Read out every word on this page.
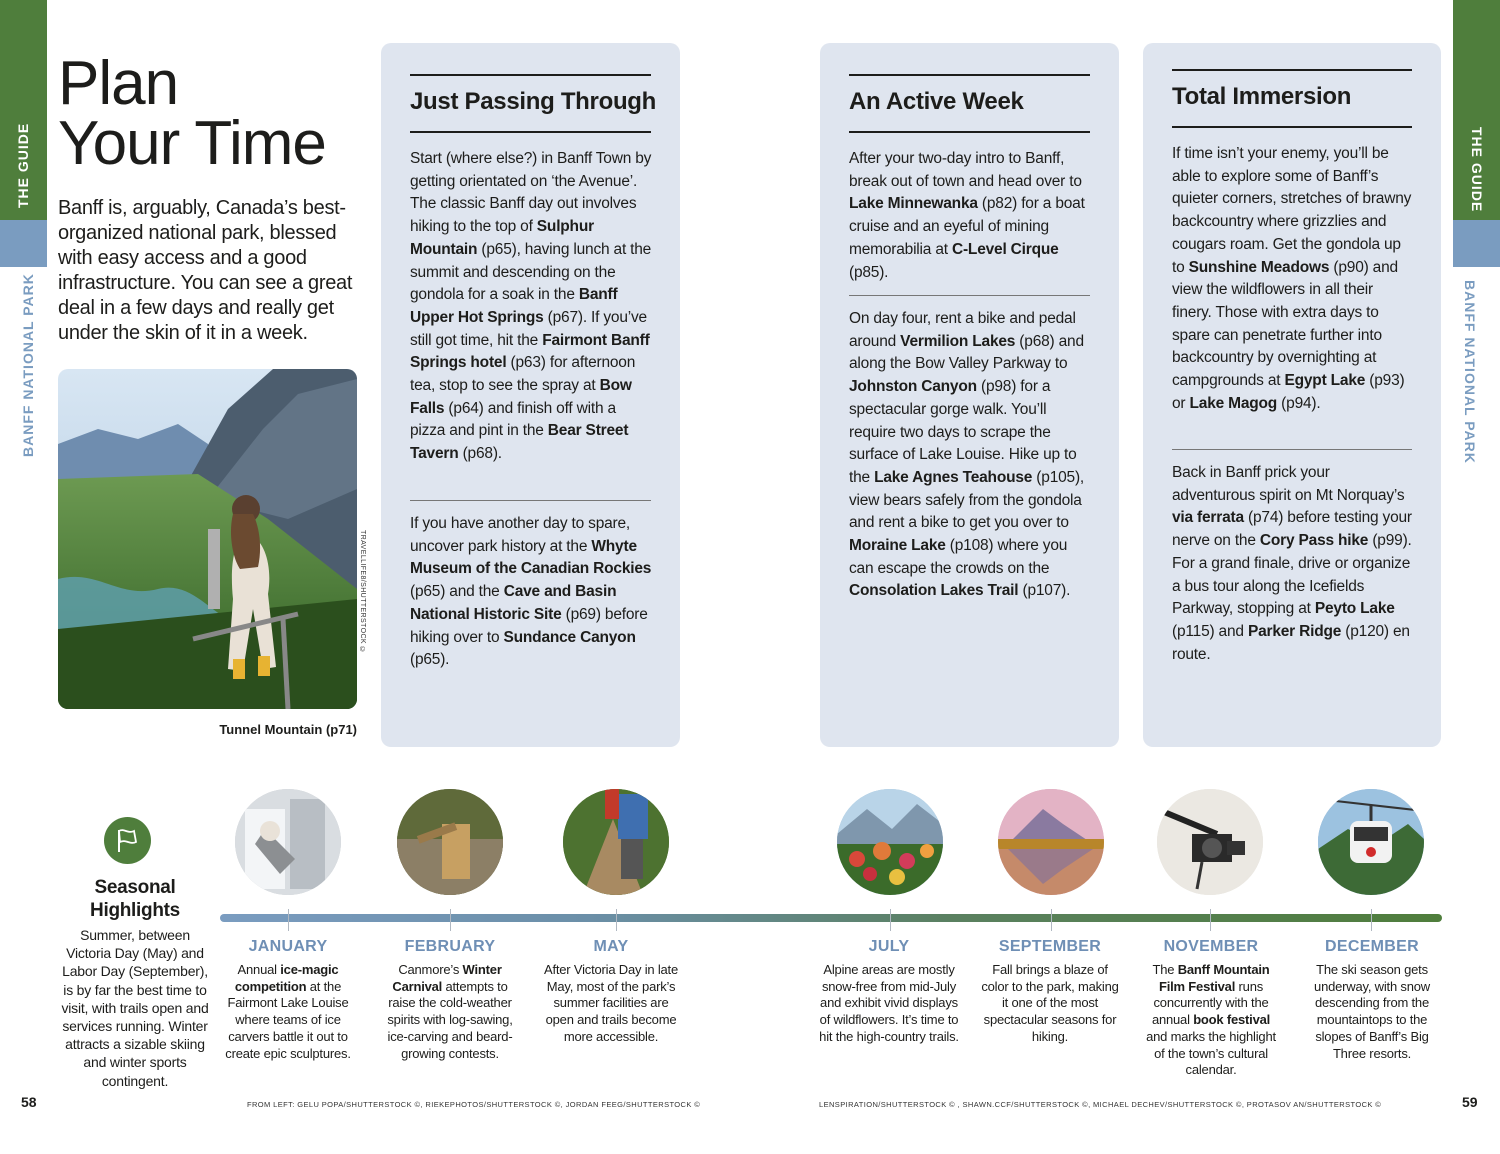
THE GUIDE
BANFF NATIONAL PARK
THE GUIDE
BANFF NATIONAL PARK
58	59
Plan
Your Time
Banff is, arguably, Canada’s best-organized national park, blessed with easy access and a good infrastructure. You can see a great deal in a few days and really get under the skin of it in a week.
TRAVELLIFE8/SHUTTERSTOCK ©
Tunnel Mountain (p71)
Just Passing Through

Start (where else?) in Banff Town by getting orientated on ‘the Avenue’. The classic Banff day out involves hiking to the top of Sulphur Mountain (p65), having lunch at the summit and descending on the gondola for a soak in the Banff Upper Hot Springs (p67). If you’ve still got time, hit the Fairmont Banff Springs hotel (p63) for afternoon tea, stop to see the spray at Bow Falls (p64) and finish off with a pizza and pint in the Bear Street Tavern (p68).

If you have another day to spare, uncover park history at the Whyte Museum of the Canadian Rockies (p65) and the Cave and Basin National Historic Site (p69) before hiking over to Sundance Canyon (p65).

An Active Week

After your two-day intro to Banff, break out of town and head over to Lake Minnewanka (p82) for a boat cruise and an eyeful of mining memorabilia at C-Level Cirque (p85).

On day four, rent a bike and pedal around Vermilion Lakes (p68) and along the Bow Valley Parkway to Johnston Canyon (p98) for a spectacular gorge walk. You’ll require two days to scrape the surface of Lake Louise. Hike up to the Lake Agnes Teahouse (p105), view bears safely from the gondola and rent a bike to get you over to Moraine Lake (p108) where you can escape the crowds on the Consolation Lakes Trail (p107).

Total Immersion

If time isn’t your enemy, you’ll be able to explore some of Banff’s quieter corners, stretches of brawny backcountry where grizzlies and cougars roam. Get the gondola up to Sunshine Meadows (p90) and view the wildflowers in all their finery. Those with extra days to spare can penetrate further into backcountry by overnighting at campgrounds at Egypt Lake (p93) or Lake Magog (p94).

Back in Banff prick your adventurous spirit on Mt Norquay’s via ferrata (p74) before testing your nerve on the Cory Pass hike (p99). For a grand finale, drive or organize a bus tour along the Icefields Parkway, stopping at Peyto Lake (p115) and Parker Ridge (p120) en route.

Seasonal
Highlights
Summer, between Victoria Day (May) and Labor Day (September), is by far the best time to visit, with trails open and services running. Winter attracts a sizable skiing and winter sports contingent.
JANUARY
Annual ice-magic competition at the Fairmont Lake Louise where teams of ice carvers battle it out to create epic sculptures.
FEBRUARY
Canmore’s Winter Carnival attempts to raise the cold-weather spirits with log-sawing, ice-carving and beard-growing contests.
MAY
After Victoria Day in late May, most of the park’s summer facilities are open and trails become more accessible.
JULY
Alpine areas are mostly snow-free from mid-July and exhibit vivid displays of wildflowers. It’s time to hit the high-country trails.
SEPTEMBER
Fall brings a blaze of color to the park, making it one of the most spectacular seasons for hiking.
NOVEMBER
The Banff Mountain Film Festival runs concurrently with the annual book festival and marks the highlight of the town’s cultural calendar.
DECEMBER
The ski season gets underway, with snow descending from the mountaintops to the slopes of Banff’s Big Three resorts.
FROM LEFT: GELU POPA/SHUTTERSTOCK ©, RIEKEPHOTOS/SHUTTERSTOCK ©, JORDAN FEEG/SHUTTERSTOCK ©	LENSPIRATION/SHUTTERSTOCK © , SHAWN.CCF/SHUTTERSTOCK ©, MICHAEL DECHEV/SHUTTERSTOCK ©, PROTASOV AN/SHUTTERSTOCK ©
